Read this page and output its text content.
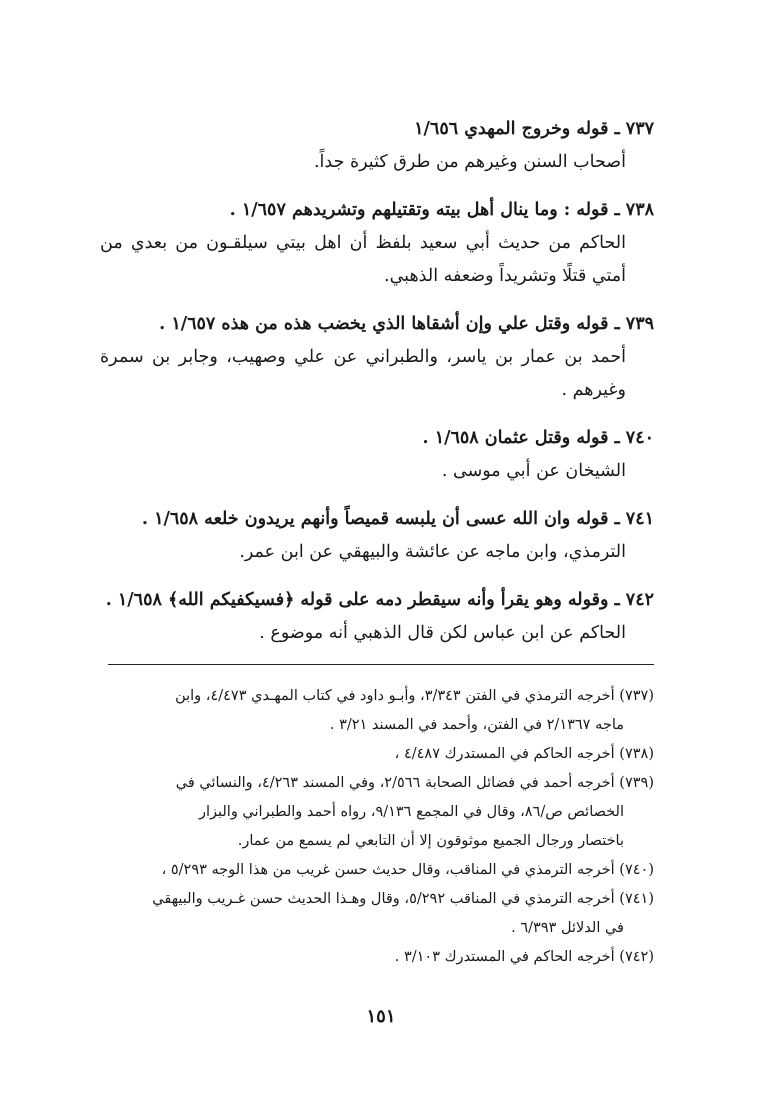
٧٣٧ ـ قوله وخروج المهدي ١/٦٥٦
أصحاب السنن وغيرهم من طرق كثيرة جداً.
٧٣٨ ـ قوله : وما ينال أهل بيته وتقتيلهم وتشريدهم ١/٦٥٧ .
الحاكم من حديث أبي سعيد بلفظ أن اهل بيتي سيلقـون من بعدي من أمتي قتلًا وتشريداً وضعفه الذهبي.
٧٣٩ ـ قوله وقتل علي وإن أشقاها الذي يخضب هذه من هذه ١/٦٥٧ .
أحمد بن عمار بن ياسر، والطبراني عن علي وصهيب، وجابر بن سمرة وغيرهم .
٧٤٠ ـ قوله وقتل عثمان ١/٦٥٨ .
الشيخان عن أبي موسى .
٧٤١ ـ قوله وان الله عسى أن يلبسه قميصاً وأنهم يريدون خلعه ١/٦٥٨ .
الترمذي، وابن ماجه عن عائشة والبيهقي عن ابن عمر.
٧٤٢ ـ وقوله وهو يقرأ وأنه سيقطر دمه على قوله ﴿فسيكفيكم الله﴾ ١/٦٥٨ .
الحاكم عن ابن عباس لكن قال الذهبي أنه موضوع .
(٧٣٧) أخرجه الترمذي في الفتن ٣/٣٤٣، وأبـو داود في كتاب المهـدي ٤/٤٧٣، وابن
ماجه ٢/١٣٦٧ في الفتن، وأحمد في المسند ٣/٢١ .
(٧٣٨) أخرجه الحاكم في المستدرك ٤/٤٨٧ ،
(٧٣٩) أخرجه أحمد في فضائل الصحابة ٢/٥٦٦، وفي المسند ٤/٢٦٣، والنسائي في
الخصائص ص/٨٦، وقال في المجمع ٩/١٣٦، رواه أحمد والطبراني والبزار
باختصار ورجال الجميع موثوقون إلا أن التابعي لم يسمع من عمار.
(٧٤٠) أخرجه الترمذي في المناقب، وقال حديث حسن غريب من هذا الوجه ٥/٢٩٣ ،
(٧٤١) أخرجه الترمذي في المناقب ٥/٢٩٢، وقال وهـذا الحديث حسن غـريب والبيهقي
في الدلائل ٦/٣٩٣ .
(٧٤٢) أخرجه الحاكم في المستدرك ٣/١٠٣ .
١٥١
